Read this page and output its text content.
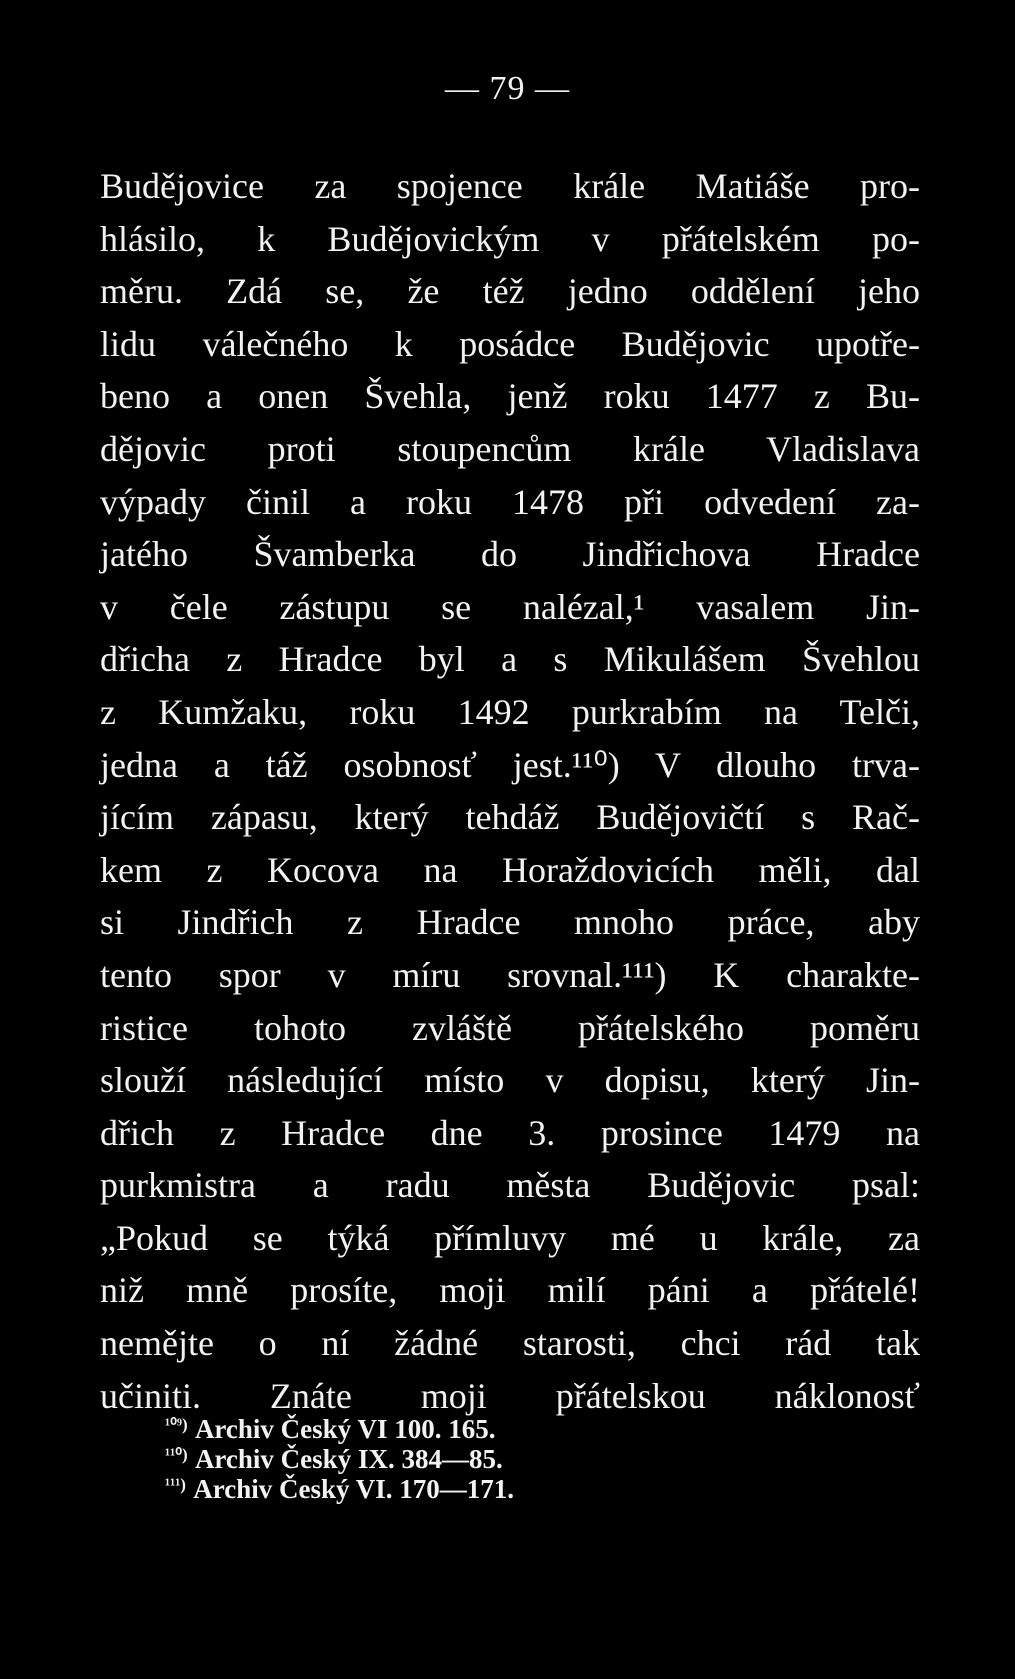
— 79 —
Budějovice za spojence krále Matiáše pro-
hlásilo, k Budějovickým v přátelském po-
měru. Zdá se, že též jedno oddělení jeho
lidu válečného k posádce Budějovic upotře-
beno a onen Švehla, jenž roku 1477 z Bu-
dějovic proti stoupencům krále Vladislava
výpady činil a roku 1478 při odvedení za-
jatého Švamberka do Jindřichova Hradce
v čele zástupu se nalézal,¹ vasalem Jin-
dřicha z Hradce byl a s Mikulášem Švehlou
z Kumžaku, roku 1492 purkrabím na Telči,
jedna a táž osobnosť jest.¹¹⁰) V dlouho trva-
jícím zápasu, který tehdáž Budějovičtí s Rač-
kem z Kocova na Horaždovicích měli, dal
si Jindřich z Hradce mnoho práce, aby
tento spor v míru srovnal.¹¹¹) K charakte-
ristice tohoto zvláště přátelského poměru
slouží následující místo v dopisu, který Jin-
dřich z Hradce dne 3. prosince 1479 na
purkmistra a radu města Budějovic psal:
„Pokud se týká přímluvy mé u krále, za
niž mně prosíte, moji milí páni a přátelé!
nemějte o ní žádné starosti, chci rád tak
učiniti. Znáte moji přátelskou náklonosť
$^{^{109})}$ Archiv Český VI 100. 165.
$^{^{110})}$ Archiv Český IX. 384—85.
$^{^{111})}$ Archiv Český VI. 170—171.
